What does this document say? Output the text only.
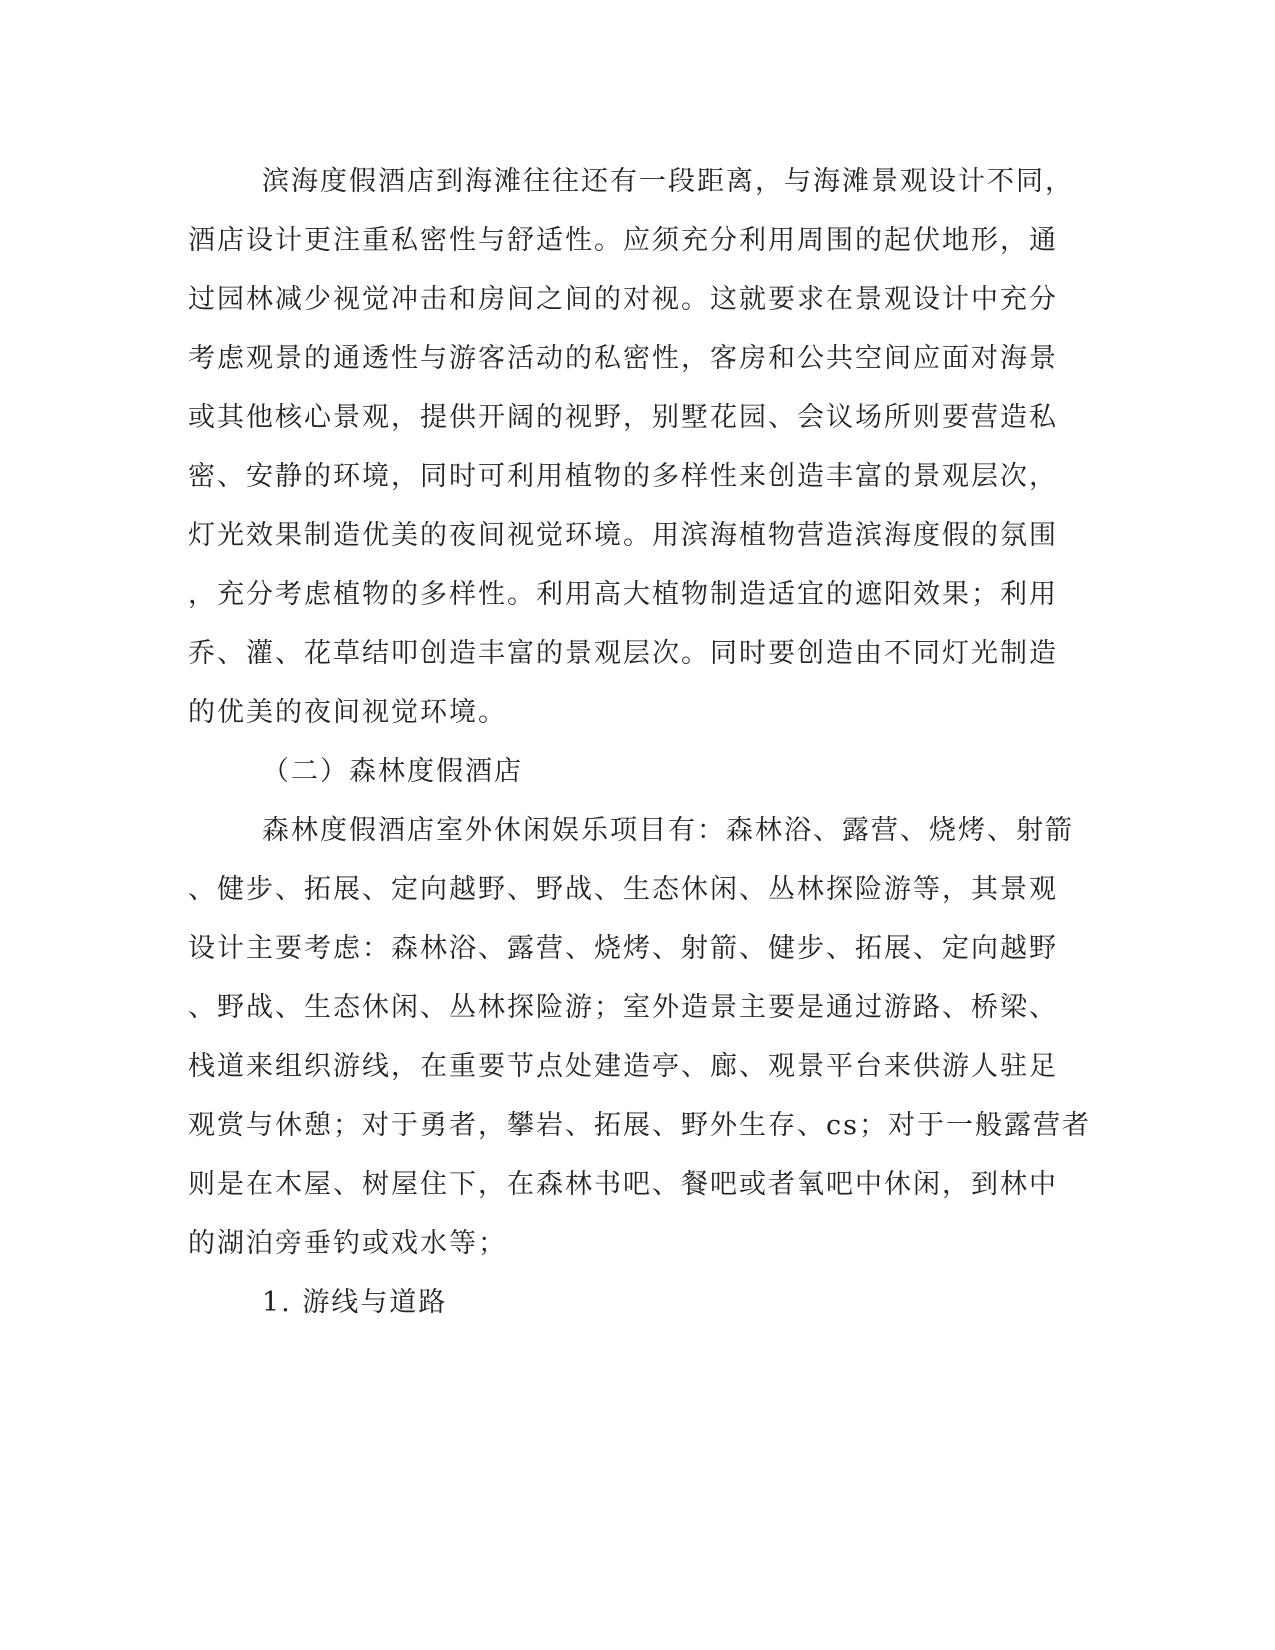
滨海度假酒店到海滩往往还有一段距离，与海滩景观设计不同，

酒店设计更注重私密性与舒适性。应须充分利用周围的起伏地形，通

过园林减少视觉冲击和房间之间的对视。这就要求在景观设计中充分

考虑观景的通透性与游客活动的私密性，客房和公共空间应面对海景

或其他核心景观，提供开阔的视野，别墅花园、会议场所则要营造私

密、安静的环境，同时可利用植物的多样性来创造丰富的景观层次，

灯光效果制造优美的夜间视觉环境。用滨海植物营造滨海度假的氛围

，充分考虑植物的多样性。利用高大植物制造适宜的遮阳效果；利用

乔、灌、花草结叩创造丰富的景观层次。同时要创造由不同灯光制造

的优美的夜间视觉环境。

（二）森林度假酒店

森林度假酒店室外休闲娱乐项目有：森林浴、露营、烧烤、射箭

、健步、拓展、定向越野、野战、生态休闲、丛林探险游等，其景观

设计主要考虑：森林浴、露营、烧烤、射箭、健步、拓展、定向越野

、野战、生态休闲、丛林探险游；室外造景主要是通过游路、桥梁、

栈道来组织游线，在重要节点处建造亭、廊、观景平台来供游人驻足

观赏与休憩；对于勇者，攀岩、拓展、野外生存、cs；对于一般露营者

则是在木屋、树屋住下，在森林书吧、餐吧或者氧吧中休闲，到林中

的湖泊旁垂钓或戏水等；

1. 游线与道路
